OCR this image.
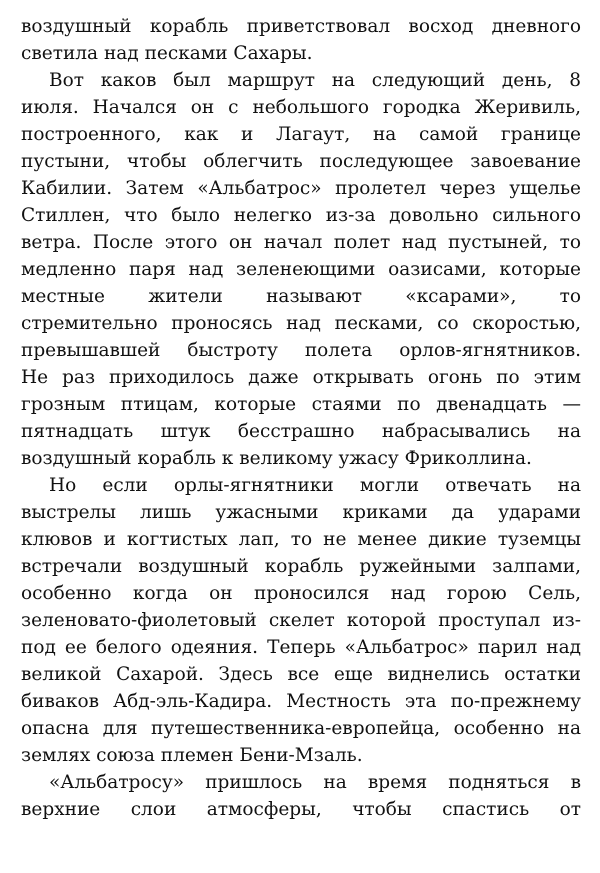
воздушный корабль приветствовал восход дневного
светила над песками Сахары.

Вот каков был маршрут на следующий день, 8
июля. Начался он с небольшого городка Жеривиль,
построенного, как и Лагаут, на самой границе
пустыни, чтобы облегчить последующее завоевание
Кабилии. Затем «Альбатрос» пролетел через ущелье
Стиллен, что было нелегко из-за довольно сильного
ветра. После этого он начал полет над пустыней, то
медленно паря над зеленеющими оазисами, которые
местные жители называют «ксарами», то
стремительно проносясь над песками, со скоростью,
превышавшей быстроту полета орлов-ягнятников.
Не раз приходилось даже открывать огонь по этим
грозным птицам, которые стаями по двенадцать —
пятнадцать штук бесстрашно набрасывались на
воздушный корабль к великому ужасу Фриколлина.

Но если орлы-ягнятники могли отвечать на
выстрелы лишь ужасными криками да ударами
клювов и когтистых лап, то не менее дикие туземцы
встречали воздушный корабль ружейными залпами,
особенно когда он проносился над горою Сель,
зеленовато-фиолетовый скелет которой проступал из-
под ее белого одеяния. Теперь «Альбатрос» парил над
великой Сахарой. Здесь все еще виднелись остатки
биваков Абд-эль-Кадира. Местность эта по-прежнему
опасна для путешественника-европейца, особенно на
землях союза племен Бени-Мзаль.

«Альбатросу» пришлось на время подняться в
верхние слои атмосферы, чтобы спастись от
